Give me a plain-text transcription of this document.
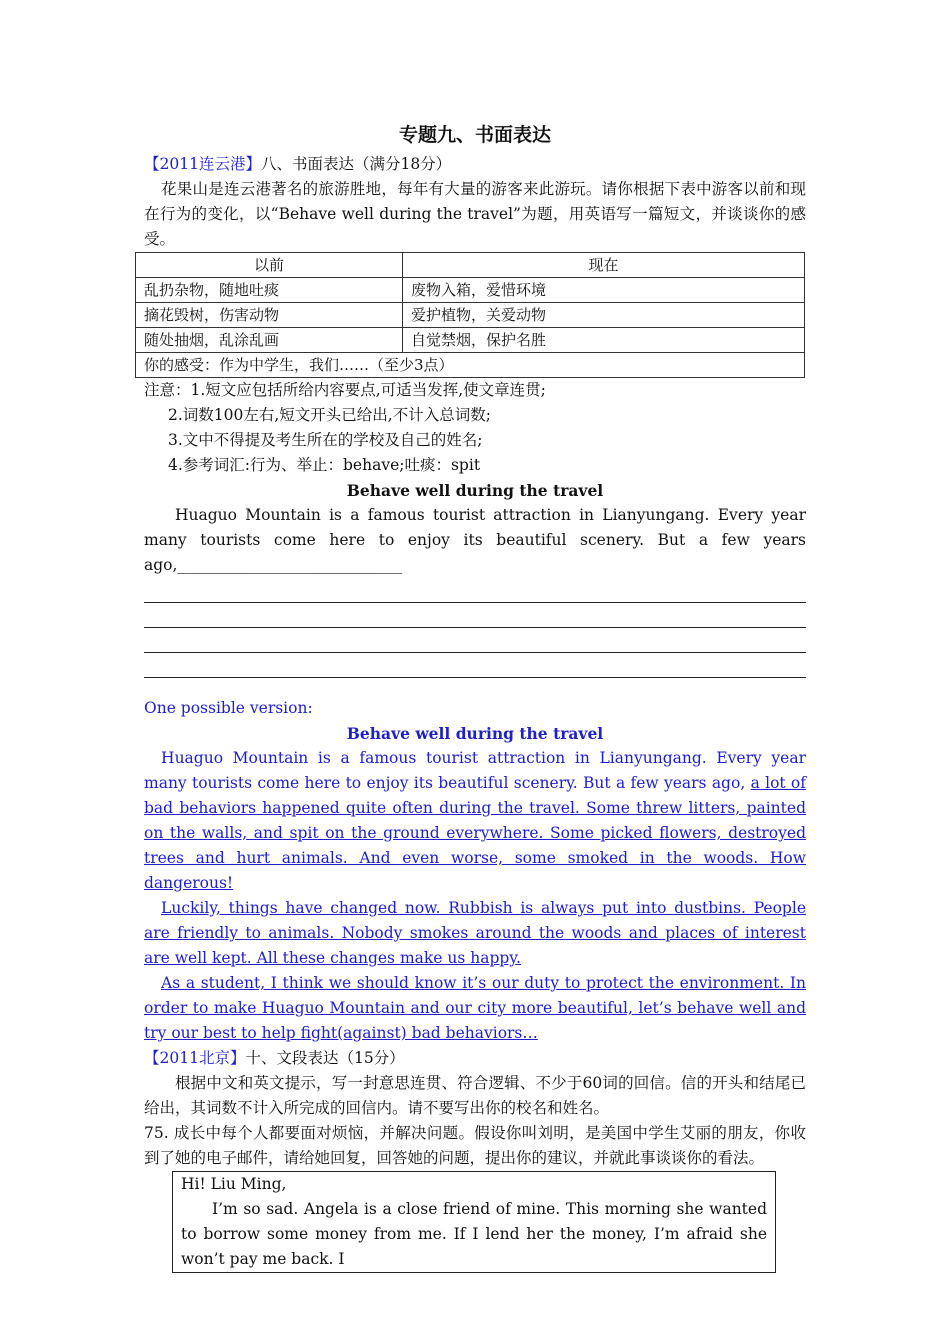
专题九、书面表达

【2011连云港】八、书面表达（满分18分）

花果山是连云港著名的旅游胜地，每年有大量的游客来此游玩。请你根据下表中游客以前和现在行为的变化，以“Behave well during the travel”为题，用英语写一篇短文，并谈谈你的感受。

以前	现在
乱扔杂物，随地吐痰	废物入箱，爱惜环境
摘花毁树，伤害动物	爱护植物，关爱动物
随处抽烟，乱涂乱画	自觉禁烟，保护名胜
你的感受：作为中学生，我们……（至少3点）	

注意：1.短文应包括所给内容要点,可适当发挥,使文章连贯;

2.词数100左右,短文开头已给出,不计入总词数;

3.文中不得提及考生所在的学校及自己的姓名;

4.参考词汇:行为、举止：behave;吐痰：spit

Behave well during the travel

Huaguo Mountain is a famous tourist attraction in Lianyungang. Every year many tourists come here to enjoy its beautiful scenery. But a few years ago,_____________________________

One possible version:

Behave well during the travel

Huaguo Mountain is a famous tourist attraction in Lianyungang. Every year many tourists come here to enjoy its beautiful scenery. But a few years ago, a lot of bad behaviors happened quite often during the travel. Some threw litters, painted on the walls, and spit on the ground everywhere. Some picked flowers, destroyed trees and hurt animals. And even worse, some smoked in the woods. How dangerous!

Luckily, things have changed now. Rubbish is always put into dustbins. People are friendly to animals. Nobody smokes around the woods and places of interest are well kept. All these changes make us happy.

As a student, I think we should know it’s our duty to protect the environment. In order to make Huaguo Mountain and our city more beautiful, let’s behave well and try our best to help fight(against) bad behaviors…

【2011北京】十、文段表达（15分）

根据中文和英文提示，写一封意思连贯、符合逻辑、不少于60词的回信。信的开头和结尾已给出，其词数不计入所完成的回信内。请不要写出你的校名和姓名。

75. 成长中每个人都要面对烦恼，并解决问题。假设你叫刘明，是美国中学生艾丽的朋友，你收到了她的电子邮件，请给她回复，回答她的问题，提出你的建议，并就此事谈谈你的看法。

Hi! Liu Ming,

I’m so sad. Angela is a close friend of mine. This morning she wanted to borrow some money from me. If I lend her the money, I’m afraid she won’t pay me back. I
